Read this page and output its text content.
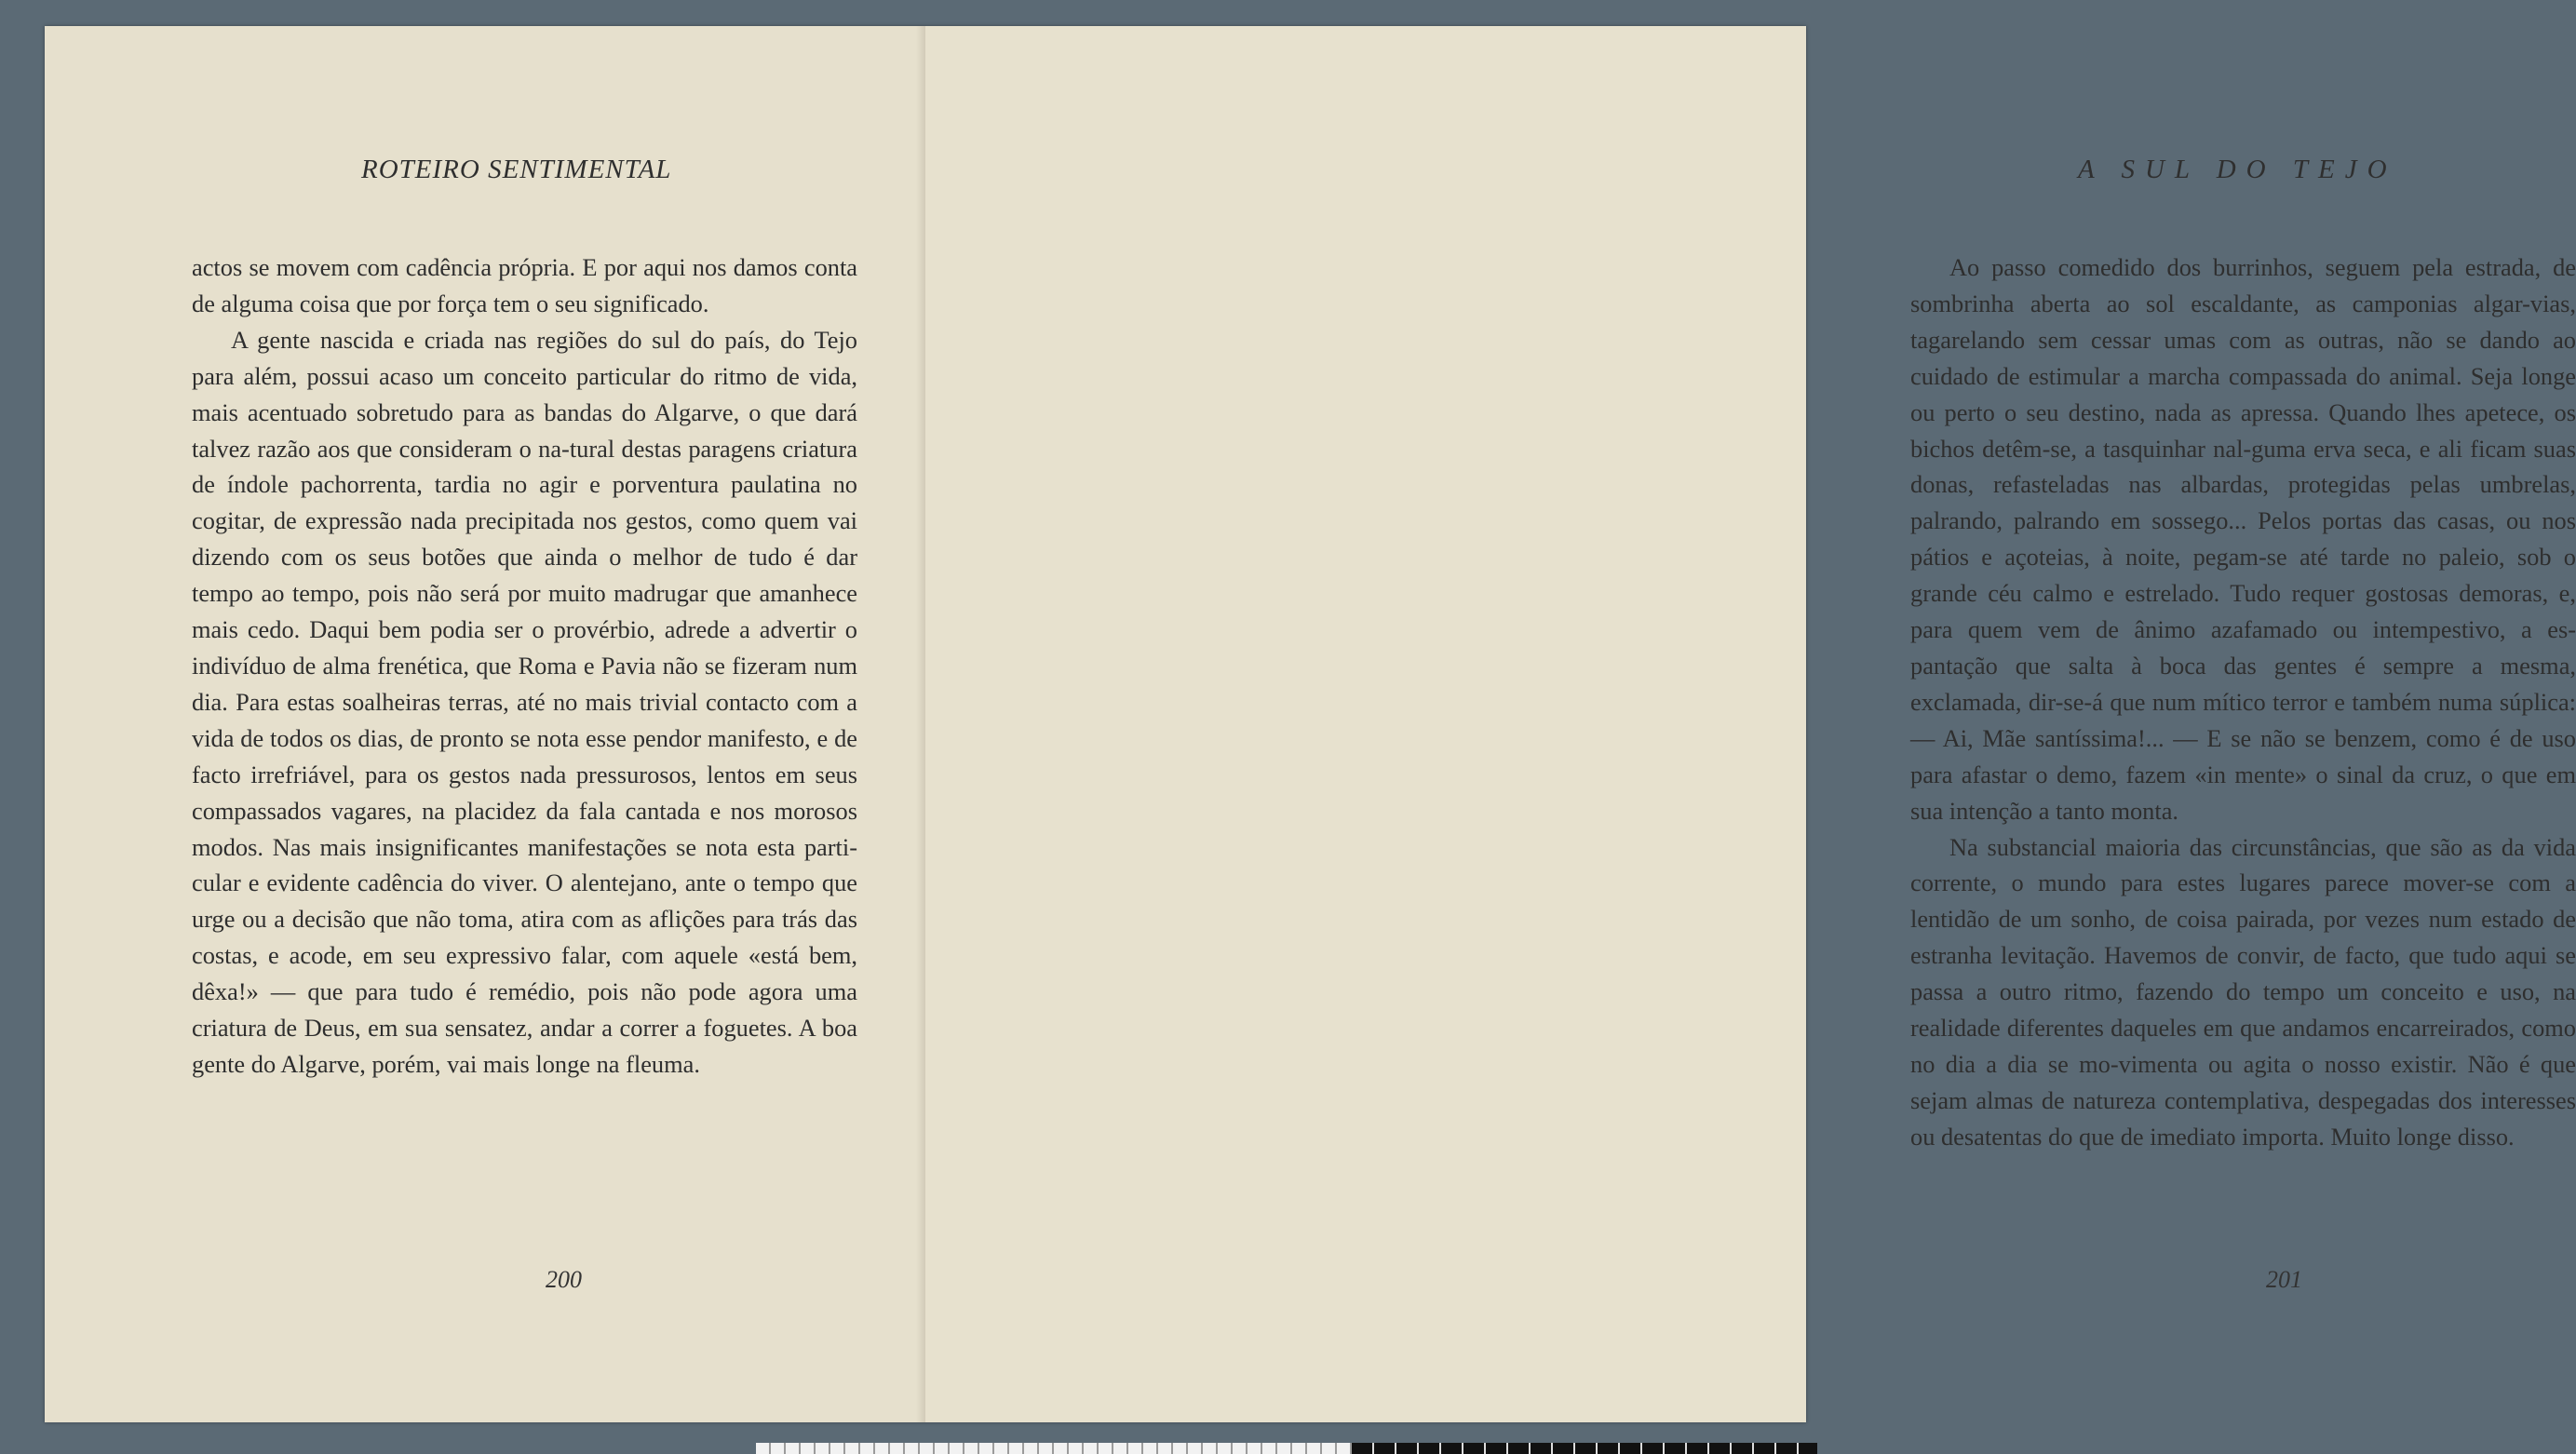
ROTEIRO SENTIMENTAL

actos se movem com cadência própria. E por aqui nos damos conta de alguma coisa que por força tem o seu significado.

A gente nascida e criada nas regiões do sul do país, do Tejo para além, possui acaso um conceito particular do ritmo de vida, mais acentuado sobretudo para as bandas do Algarve, o que dará talvez razão aos que consideram o na-tural destas paragens criatura de índole pachorrenta, tardia no agir e porventura paulatina no cogitar, de expressão nada precipitada nos gestos, como quem vai dizendo com os seus botões que ainda o melhor de tudo é dar tempo ao tempo, pois não será por muito madrugar que amanhece mais cedo. Daqui bem podia ser o provérbio, adrede a advertir o indivíduo de alma frenética, que Roma e Pavia não se fizeram num dia. Para estas soalheiras terras, até no mais trivial contacto com a vida de todos os dias, de pronto se nota esse pendor manifesto, e de facto irrefriável, para os gestos nada pressurosos, lentos em seus compassados vagares, na placidez da fala cantada e nos morosos modos. Nas mais insignificantes manifestações se nota esta parti-cular e evidente cadência do viver. O alentejano, ante o tempo que urge ou a decisão que não toma, atira com as aflições para trás das costas, e acode, em seu expressivo falar, com aquele «está bem, dêxa!» — que para tudo é remédio, pois não pode agora uma criatura de Deus, em sua sensatez, andar a correr a foguetes. A boa gente do Algarve, porém, vai mais longe na fleuma.

200
A SUL DO TEJO

Ao passo comedido dos burrinhos, seguem pela estrada, de sombrinha aberta ao sol escaldante, as camponias algar-vias, tagarelando sem cessar umas com as outras, não se dando ao cuidado de estimular a marcha compassada do animal. Seja longe ou perto o seu destino, nada as apressa. Quando lhes apetece, os bichos detêm-se, a tasquinhar nal-guma erva seca, e ali ficam suas donas, refasteladas nas albardas, protegidas pelas umbrelas, palrando, palrando em sossego... Pelos portas das casas, ou nos pátios e açoteias, à noite, pegam-se até tarde no paleio, sob o grande céu calmo e estrelado. Tudo requer gostosas demoras, e, para quem vem de ânimo azafamado ou intempestivo, a es-pantação que salta à boca das gentes é sempre a mesma, exclamada, dir-se-á que num mítico terror e também numa súplica: — Ai, Mãe santíssima!... — E se não se benzem, como é de uso para afastar o demo, fazem «in mente» o sinal da cruz, o que em sua intenção a tanto monta.

Na substancial maioria das circunstâncias, que são as da vida corrente, o mundo para estes lugares parece mover-se com a lentidão de um sonho, de coisa pairada, por vezes num estado de estranha levitação. Havemos de convir, de facto, que tudo aqui se passa a outro ritmo, fazendo do tempo um conceito e uso, na realidade diferentes daqueles em que andamos encarreirados, como no dia a dia se mo-vimenta ou agita o nosso existir. Não é que sejam almas de natureza contemplativa, despegadas dos interesses ou desatentas do que de imediato importa. Muito longe disso.

201
